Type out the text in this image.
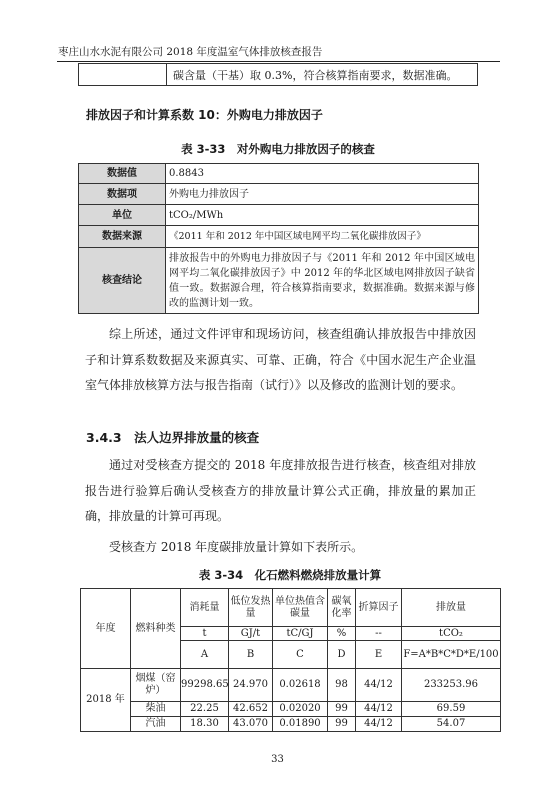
枣庄山水水泥有限公司 2018 年度温室气体排放核查报告
	碳含量（干基）取 0.3%，符合核算指南要求，数据准确。
排放因子和计算系数 10：外购电力排放因子
表 3-33　对外购电力排放因子的核查
数据值	0.8843
数据项	外购电力排放因子
单位	tCO₂/MWh
数据来源	《2011 年和 2012 年中国区域电网平均二氧化碳排放因子》
核查结论	排放报告中的外购电力排放因子与《2011 年和 2012 年中国区域电网平均二氧化碳排放因子》中 2012 年的华北区域电网排放因子缺省值一致。数据源合理，符合核算指南要求，数据准确。数据来源与修改的监测计划一致。
综上所述，通过文件评审和现场访问，核查组确认排放报告中排放因子和计算系数数据及来源真实、可靠、正确，符合《中国水泥生产企业温室气体排放核算方法与报告指南（试行）》以及修改的监测计划的要求。
3.4.3　法人边界排放量的核查
通过对受核查方提交的 2018 年度排放报告进行核查，核查组对排放报告进行验算后确认受核查方的排放量计算公式正确，排放量的累加正确，排放量的计算可再现。
受核查方 2018 年度碳排放量计算如下表所示。
表 3-34　化石燃料燃烧排放量计算
年度	燃料种类	消耗量	低位发热量	单位热值含碳量	碳氧化率	折算因子	排放量
		t	GJ/t	tC/GJ	%	--	tCO₂
		A	B	C	D	E	F=A*B*C*D*E/100
2018 年	烟煤（窑炉）	99298.65	24.970	0.02618	98	44/12	233253.96
	柴油	22.25	42.652	0.02020	99	44/12	69.59
	汽油	18.30	43.070	0.01890	99	44/12	54.07
33
